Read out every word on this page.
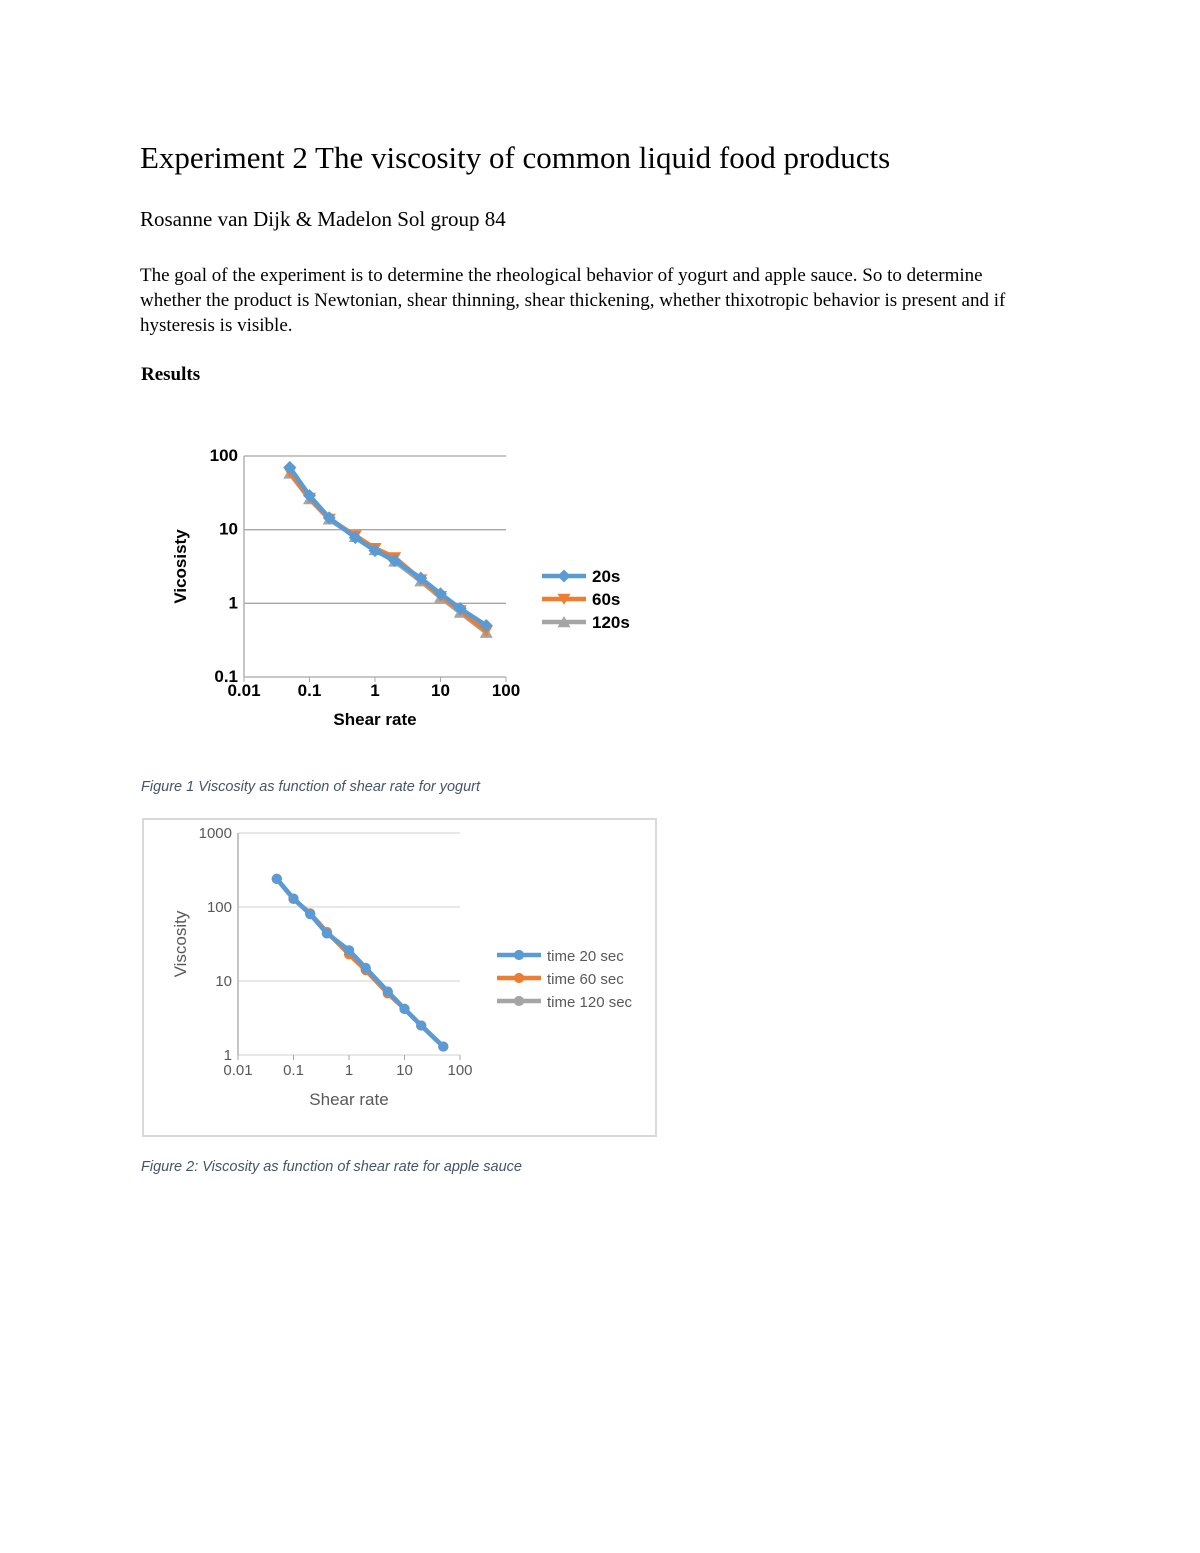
Experiment 2 The viscosity of common liquid food products

Rosanne van Dijk & Madelon Sol group 84

The goal of the experiment is to determine the rheological behavior of yogurt and apple sauce. So to determine whether the product is Newtonian, shear thinning, shear thickening, whether thixotropic behavior is present and if hysteresis is visible.

Results

0.1
1
10
100
0.01 0.1	1	10 100
Shear rate
Vicosisty	20s
60s
120s

Figure 1 Viscosity as function of shear rate for yogurt

1
10
100
1000
0.01 0.1	1	10 100
Shear rate
Viscosity	time 20 sec
time 60 sec
time 120 sec

Figure 2: Viscosity as function of shear rate for apple sauce
